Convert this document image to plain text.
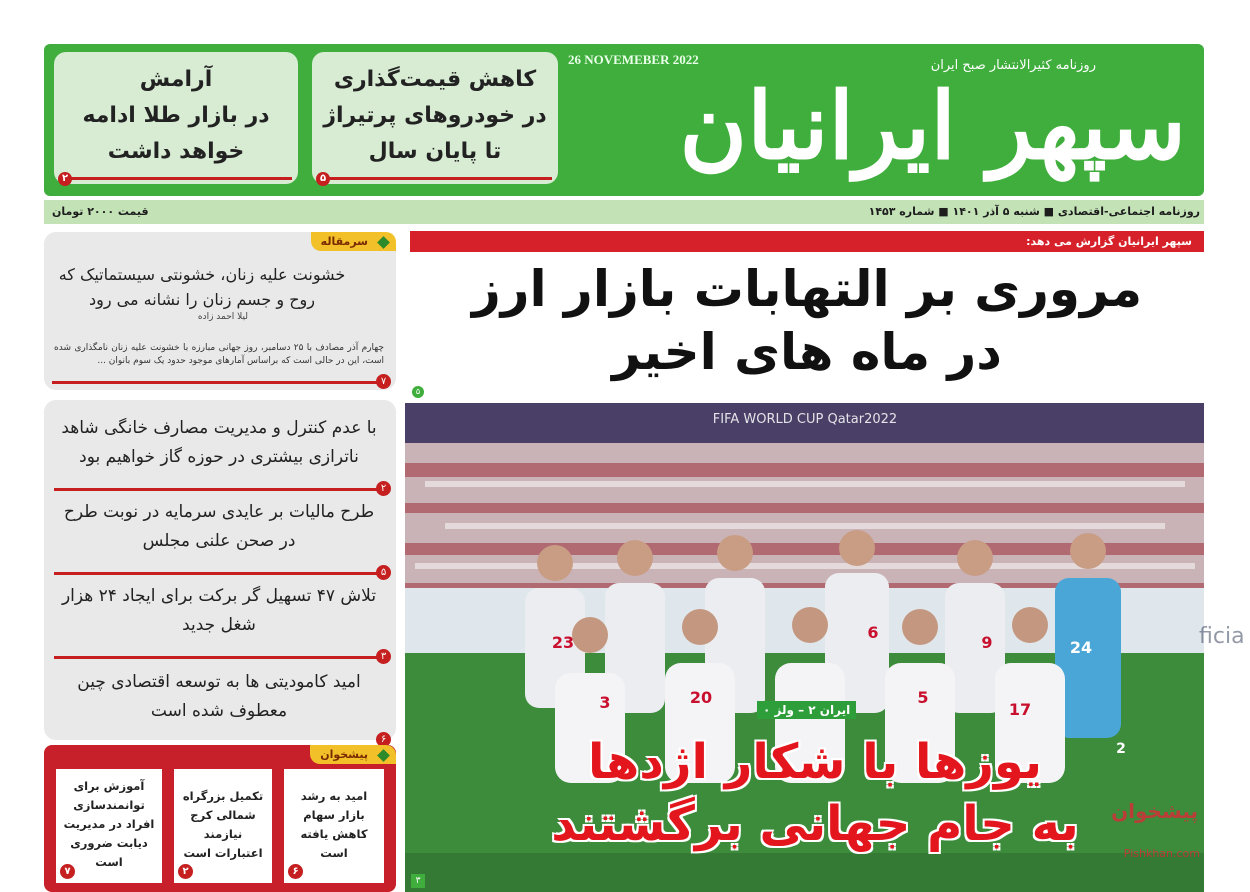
روزنامه کثیرالانتشار صبح ایران
26 NOVEMEBER 2022
سپهر ایرانیان
کاهش قیمت‌گذاری
در خودروهای پرتیراژ
تا پایان سال
۵
آرامش
در بازار طلا ادامه
خواهد داشت
۲
روزنامه اجتماعی-اقتصادی ■ شنبه ۵ آذر ۱۴۰۱ ■ شماره ۱۴۵۳
قیمت ۲۰۰۰ تومان
سرمقاله
خشونت علیه زنان، خشونتی سیستماتیک که روح و جسم زنان را نشانه می رود
لیلا احمد زاده
چهارم آذر مصادف با ۲۵ دسامبر، روز جهانی مبارزه با خشونت علیه زنان نامگذاری شده است، این در حالی است که براساس آمارهای موجود حدود یک سوم بانوان ...
۷
با عدم کنترل و مدیریت مصارف خانگی شاهد ناترازی بیشتری در حوزه گاز خواهیم بود
۲
طرح مالیات بر عایدی سرمایه در نوبت طرح در صحن علنی مجلس
۵
تلاش ۴۷ تسهیل گر برکت برای ایجاد ۲۴ هزار شغل جدید
۳
امید کامودیتی ها به توسعه اقتصادی چین معطوف شده است
۶
پیشخوان
امید به رشد بازار سهام کاهش یافته است
۶
تکمیل بزرگراه شمالی کرج نیازمند اعتبارات است
۲
آموزش برای توانمندسازی افراد در مدیریت دیابت ضروری است
۷
سپهر ایرانیان گزارش می دهد:
مروری بر التهابات بازار ارز
در ماه های اخیر
۵
FIFA WORLD CUP Qatar2022
ficia
23
6
9
20
3	5
17
24
2
ایران ۲ – ولز ۰
یوزها با شکار اژدها
به جام جهانی برگشتند	پیشخوان
Pishkhan.com
۳
